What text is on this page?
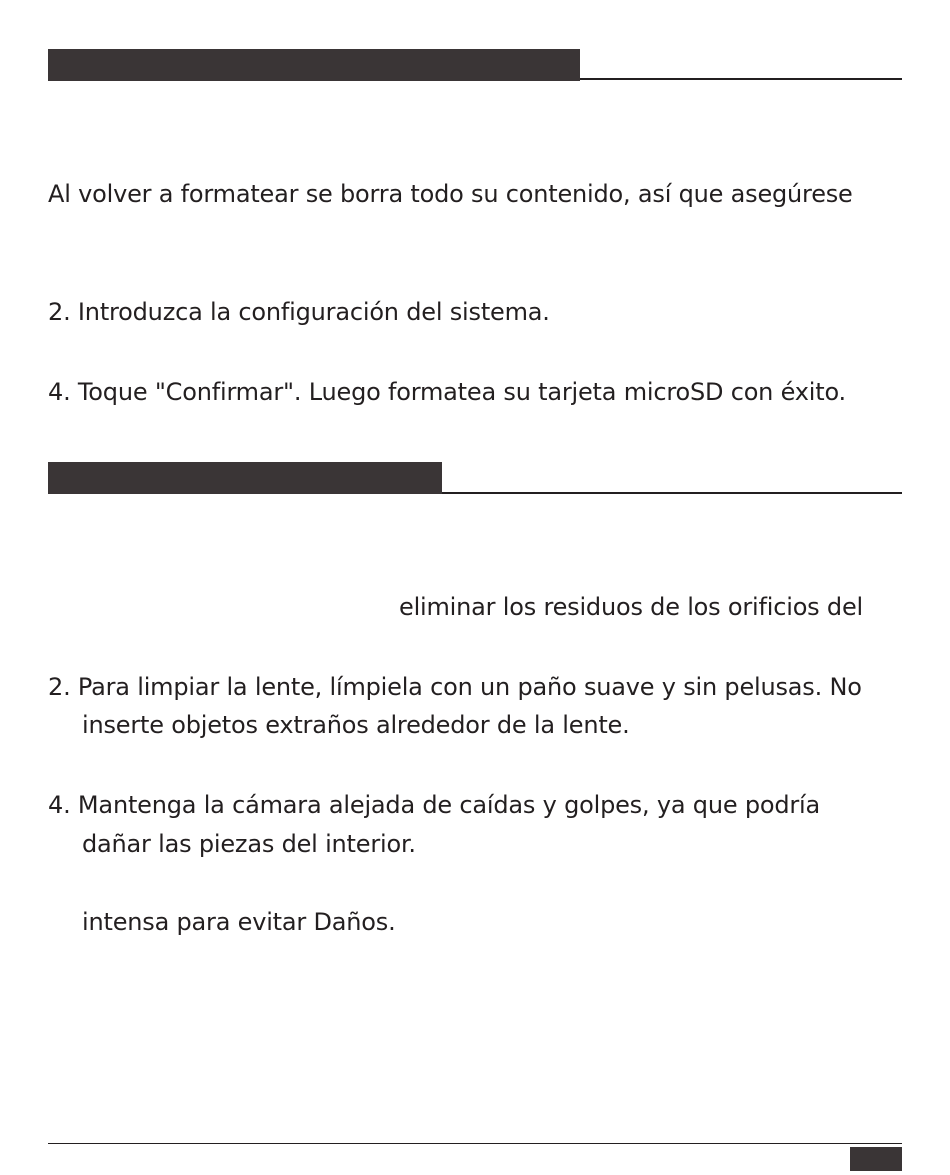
Al volver a formatear se borra todo su contenido, así que asegúrese

2. Introduzca la configuración del sistema.

4. Toque "Confirmar". Luego formatea su tarjeta microSD con éxito.

eliminar los residuos de los orificios del

2. Para limpiar la lente, límpiela con un paño suave y sin pelusas. No

inserte objetos extraños alrededor de la lente.

4. Mantenga la cámara alejada de caídas y golpes, ya que podría

dañar las piezas del interior.

intensa para evitar Daños.
